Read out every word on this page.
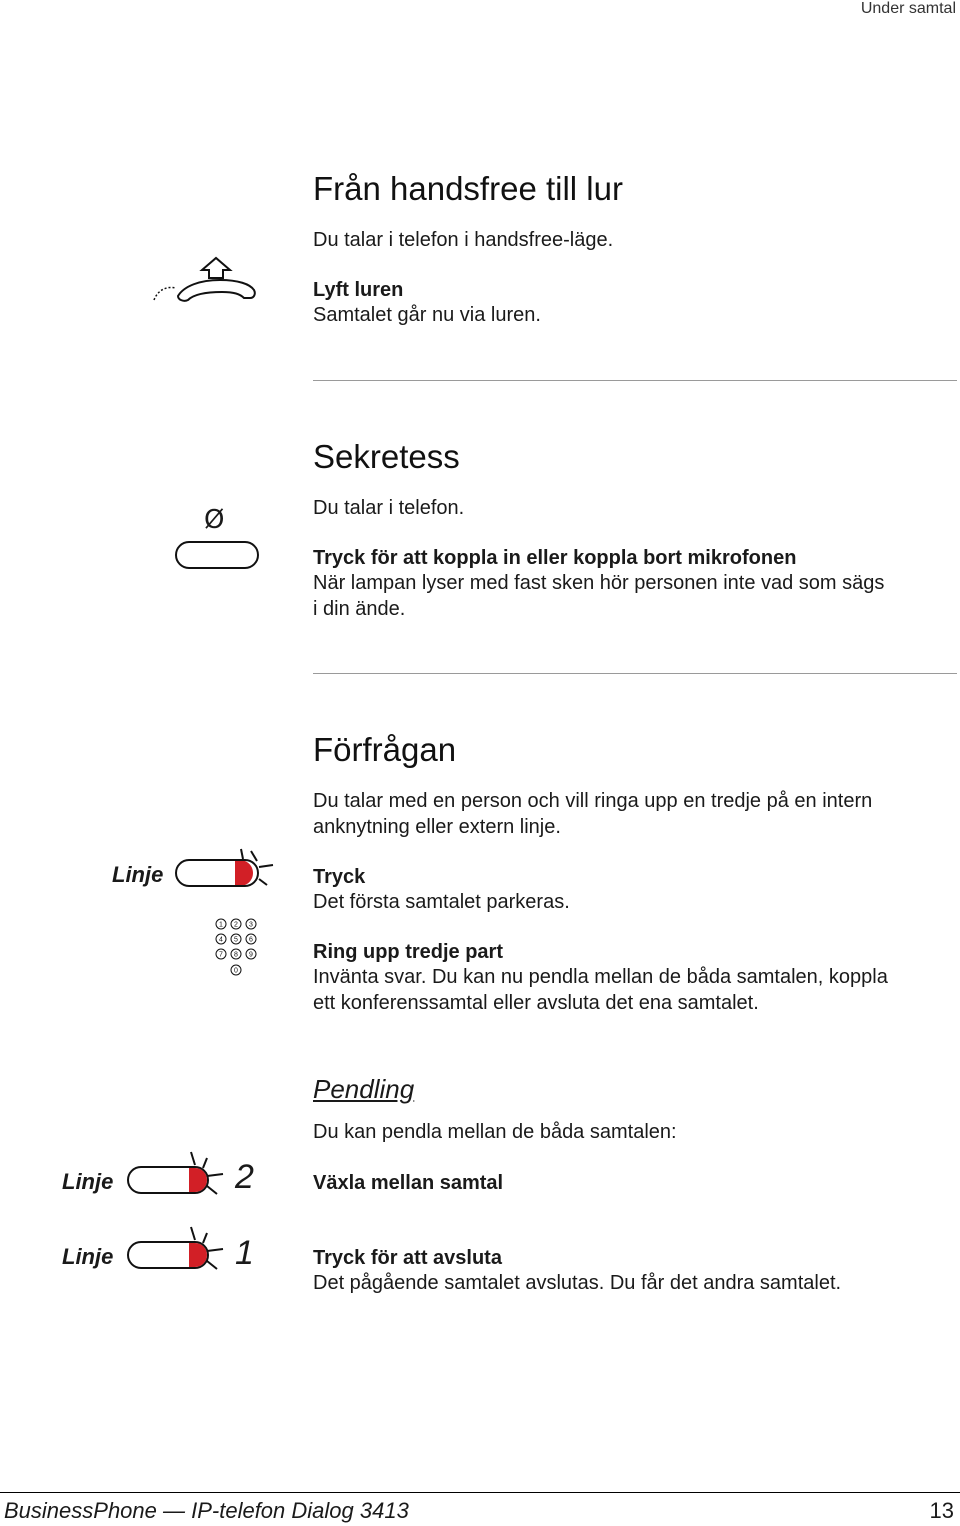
Under samtal
Från handsfree till lur
Du talar i telefon i handsfree-läge.
Lyft luren
Samtalet går nu via luren.
Sekretess
Du talar i telefon.
Ø
Tryck för att koppla in eller koppla bort mikrofonen
När lampan lyser med fast sken hör personen inte vad som sägs
i din ände.
Förfrågan
Du talar med en person och vill ringa upp en tredje på en intern
anknytning eller extern linje.
Linje	Tryck
Det första samtalet parkeras.
1 2 3
4 5 6
7 8 9
0
Ring upp tredje part
Invänta svar. Du kan nu pendla mellan de båda samtalen, koppla
ett konferenssamtal eller avsluta det ena samtalet.
Pendling
Du kan pendla mellan de båda samtalen:
Linje	2	Växla mellan samtal
Linje	1	Tryck för att avsluta
Det pågående samtalet avslutas. Du får det andra samtalet.
BusinessPhone — IP-telefon Dialog 3413	13
